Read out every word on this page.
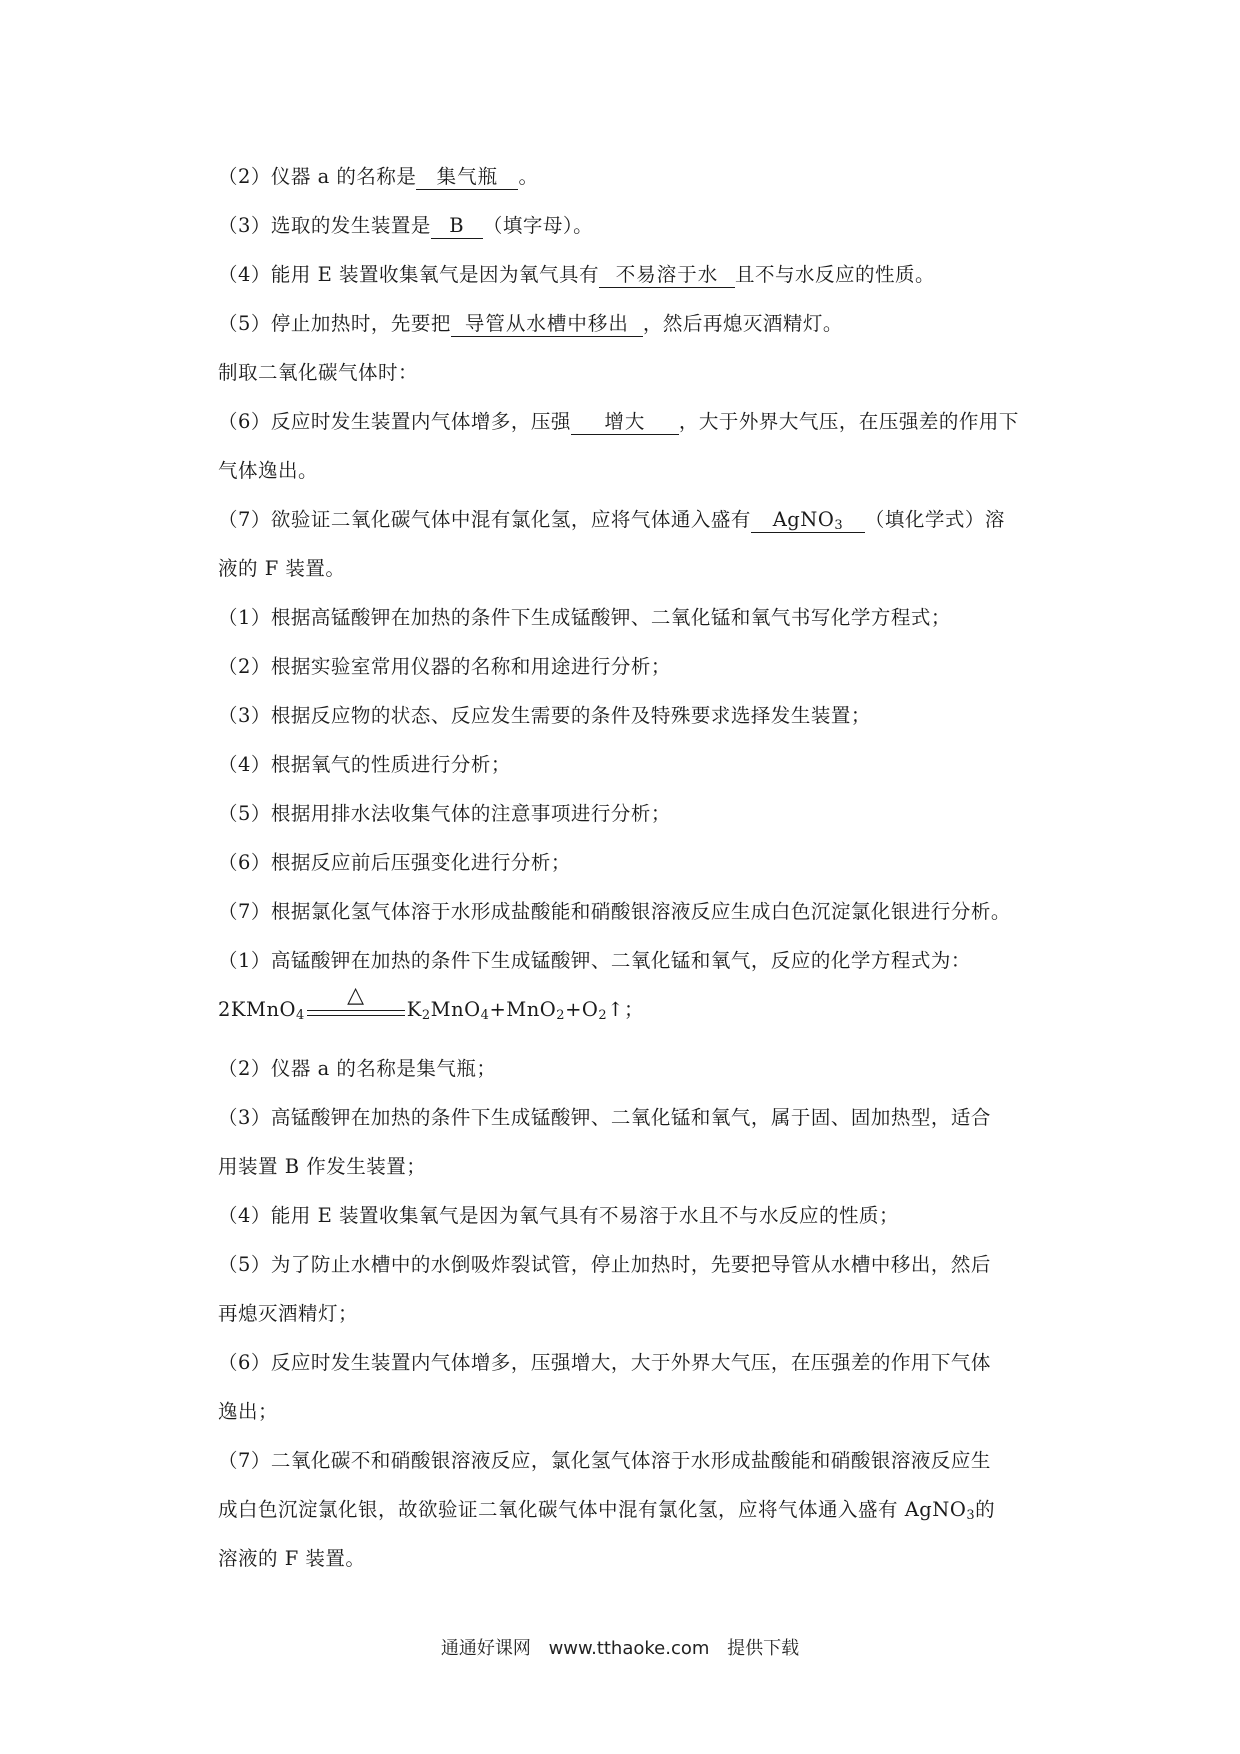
（2）仪器 a 的名称是 集气瓶 。
（3）选取的发生装置是 B （填字母）。
（4）能用 E 装置收集氧气是因为氧气具有 不易溶于水 且不与水反应的性质。
（5）停止加热时，先要把 导管从水槽中移出 ，然后再熄灭酒精灯。
制取二氧化碳气体时：
（6）反应时发生装置内气体增多，压强 增大 ，大于外界大气压，在压强差的作用下
气体逸出。
（7）欲验证二氧化碳气体中混有氯化氢，应将气体通入盛有 AgNO$_3$ （填化学式）溶
液的 F 装置。
（1）根据高锰酸钾在加热的条件下生成锰酸钾、二氧化锰和氧气书写化学方程式；
（2）根据实验室常用仪器的名称和用途进行分析；
（3）根据反应物的状态、反应发生需要的条件及特殊要求选择发生装置；
（4）根据氧气的性质进行分析；
（5）根据用排水法收集气体的注意事项进行分析；
（6）根据反应前后压强变化进行分析；
（7）根据氯化氢气体溶于水形成盐酸能和硝酸银溶液反应生成白色沉淀氯化银进行分析。
（1）高锰酸钾在加热的条件下生成锰酸钾、二氧化锰和氧气，反应的化学方程式为：
2KMnO$_4$
△
$K_2MnO_4+MnO_2+O_2↑$；
（2）仪器 a 的名称是集气瓶；
（3）高锰酸钾在加热的条件下生成锰酸钾、二氧化锰和氧气，属于固、固加热型，适合
用装置 B 作发生装置；
（4）能用 E 装置收集氧气是因为氧气具有不易溶于水且不与水反应的性质；
（5）为了防止水槽中的水倒吸炸裂试管，停止加热时，先要把导管从水槽中移出，然后
再熄灭酒精灯；
（6）反应时发生装置内气体增多，压强增大，大于外界大气压，在压强差的作用下气体
逸出；
（7）二氧化碳不和硝酸银溶液反应，氯化氢气体溶于水形成盐酸能和硝酸银溶液反应生
成白色沉淀氯化银，故欲验证二氧化碳气体中混有氯化氢，应将气体通入盛有 AgNO$_3$的
溶液的 F 装置。
通通好课网 www.tthaoke.com 提供下载
